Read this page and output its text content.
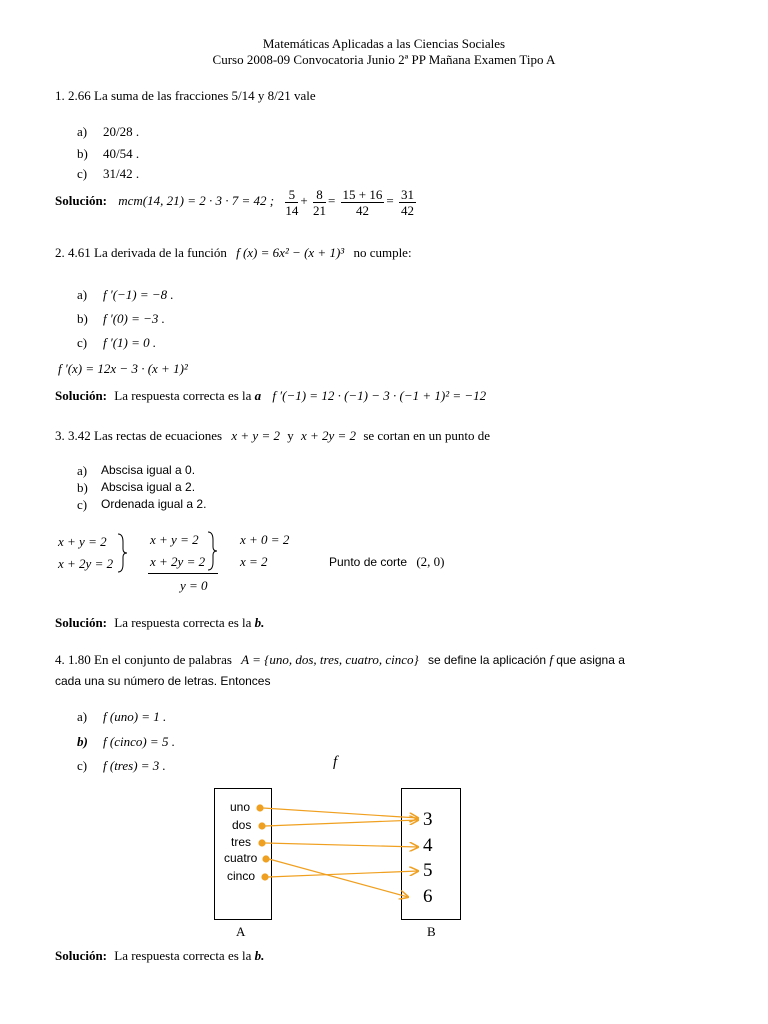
Matemáticas Aplicadas a las Ciencias Sociales
Curso 2008-09 Convocatoria Junio 2ª PP Mañana Examen Tipo A
1. 2.66 La suma de las fracciones 5/14 y 8/21 vale
a) 20/28 .
b) 40/54 .
c) 31/42 .
Solución: mcm(14, 21) = 2 · 3 · 7 = 42 ; $\frac{5}{14} + \frac{8}{21} = \frac{15 + 16}{42} = \frac{31}{42}$
2. 4.61 La derivada de la función f (x) = 6x² − (x + 1)³ no cumple:
a) f ′(−1) = −8 .
b) f ′(0) = −3 .
c) f ′(1) = 0 .
f ′(x) = 12x − 3 · (x + 1)²
Solución: La respuesta correcta es la a f ′(−1) = 12 · (−1) − 3 · (−1 + 1)² = −12
3. 3.42 Las rectas de ecuaciones x + y = 2 y x + 2y = 2 se cortan en un punto de
a) Abscisa igual a 0.
b) Abscisa igual a 2.
c) Ordenada igual a 2.
x + y = 2
x + 2y = 2
x + y = 2
x + 2y = 2
y = 0
x + 0 = 2
x = 2	Punto de corte (2, 0)
Solución: La respuesta correcta es la b.
4. 1.80 En el conjunto de palabras A = {uno, dos, tres, cuatro, cinco} se define la aplicación f que asigna a
cada una su número de letras. Entonces
a) f (uno) = 1 .
b) f (cinco) = 5 .
c) f (tres) = 3 .	f
uno
dos
tres
cuatro
cinco
3
4
5
6
A	B
Solución: La respuesta correcta es la b.
